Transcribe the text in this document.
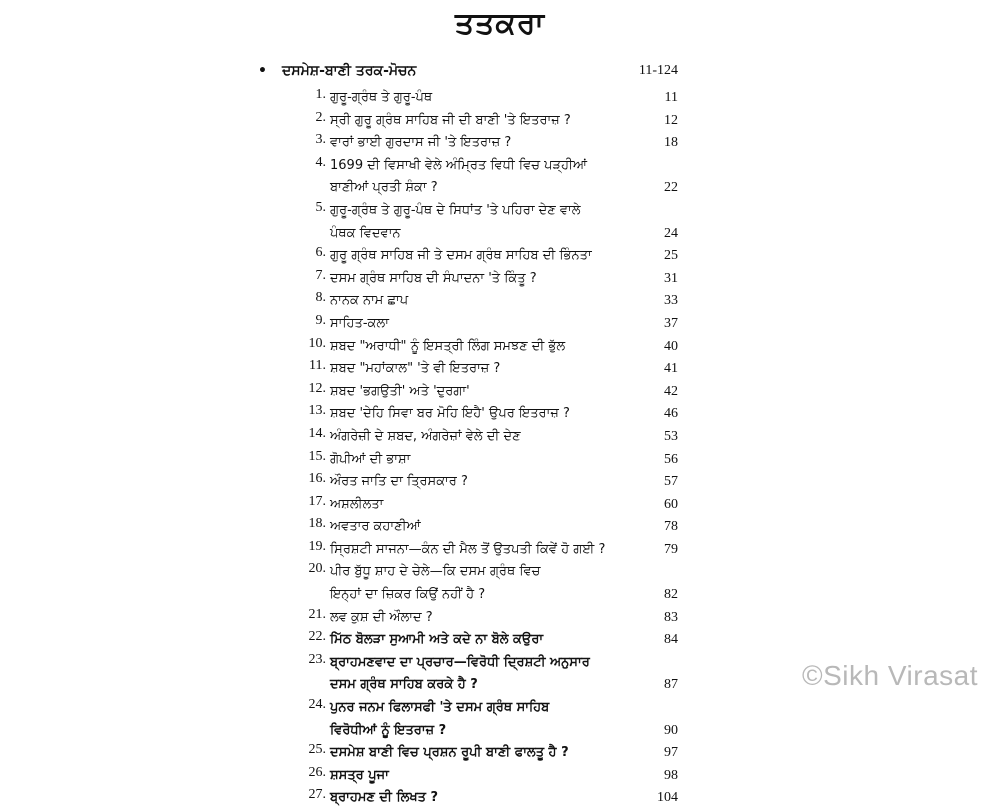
ਤਤਕਰਾ
• ਦਸਮੇਸ਼-ਬਾਣੀ ਤਰਕ-ਮੋਚਨ	11-124
1. ਗੁਰੂ-ਗ੍ਰੰਥ ਤੇ ਗੁਰੂ-ਪੰਥ	11
2. ਸ੍ਰੀ ਗੁਰੂ ਗ੍ਰੰਥ ਸਾਹਿਬ ਜੀ ਦੀ ਬਾਣੀ 'ਤੇ ਇਤਰਾਜ਼ ?	12
3. ਵਾਰਾਂ ਭਾਈ ਗੁਰਦਾਸ ਜੀ 'ਤੇ ਇਤਰਾਜ਼ ?	18
4. 1699 ਦੀ ਵਿਸਾਖੀ ਵੇਲੇ ਅੰਮ੍ਰਿਤ ਵਿਧੀ ਵਿਚ ਪੜ੍ਹੀਆਂ
ਬਾਣੀਆਂ ਪ੍ਰਤੀ ਸ਼ੰਕਾ ?	22
5. ਗੁਰੂ-ਗ੍ਰੰਥ ਤੇ ਗੁਰੂ-ਪੰਥ ਦੇ ਸਿਧਾਂਤ 'ਤੇ ਪਹਿਰਾ ਦੇਣ ਵਾਲੇ
ਪੰਥਕ ਵਿਦਵਾਨ	24
6. ਗੁਰੂ ਗ੍ਰੰਥ ਸਾਹਿਬ ਜੀ ਤੇ ਦਸਮ ਗ੍ਰੰਥ ਸਾਹਿਬ ਦੀ ਭਿੰਨਤਾ	25
7. ਦਸਮ ਗ੍ਰੰਥ ਸਾਹਿਬ ਦੀ ਸੰਪਾਦਨਾ 'ਤੇ ਕਿੰਤੂ ?	31
8. ਨਾਨਕ ਨਾਮ ਛਾਪ	33
9. ਸਾਹਿਤ-ਕਲਾ	37
10. ਸ਼ਬਦ "ਅਰਾਧੀ" ਨੂੰ ਇਸਤ੍ਰੀ ਲਿੰਗ ਸਮਝਣ ਦੀ ਭੁੱਲ	40
11. ਸ਼ਬਦ "ਮਹਾਂਕਾਲ" 'ਤੇ ਵੀ ਇਤਰਾਜ਼ ?	41
12. ਸ਼ਬਦ 'ਭਗਉਤੀ' ਅਤੇ 'ਦੁਰਗਾ'	42
13. ਸ਼ਬਦ 'ਦੇਹਿ ਸਿਵਾ ਬਰ ਮੋਹਿ ਇਹੈ' ਉਪਰ ਇਤਰਾਜ਼ ?	46
14. ਅੰਗਰੇਜ਼ੀ ਦੇ ਸ਼ਬਦ, ਅੰਗਰੇਜ਼ਾਂ ਵੇਲੇ ਦੀ ਦੇਣ	53
15. ਗੋਪੀਆਂ ਦੀ ਭਾਸ਼ਾ	56
16. ਔਰਤ ਜਾਤਿ ਦਾ ਤ੍ਰਿਸਕਾਰ ?	57
17. ਅਸ਼ਲੀਲਤਾ	60
18. ਅਵਤਾਰ ਕਹਾਣੀਆਂ	78
19. ਸ੍ਰਿਸ਼ਟੀ ਸਾਜਨਾ—ਕੰਨ ਦੀ ਮੈਲ ਤੋਂ ਉਤਪਤੀ ਕਿਵੇਂ ਹੋ ਗਈ ?	79
20. ਪੀਰ ਬੁੱਧੂ ਸ਼ਾਹ ਦੇ ਚੇਲੇ—ਕਿ ਦਸਮ ਗ੍ਰੰਥ ਵਿਚ
ਇਨ੍ਹਾਂ ਦਾ ਜ਼ਿਕਰ ਕਿਉਂ ਨਹੀਂ ਹੈ ?	82
21. ਲਵ ਕੁਸ਼ ਦੀ ਔਲਾਦ ?	83
22. ਮਿੱਠ ਬੋਲੜਾ ਸੁਆਮੀ ਅਤੇ ਕਦੇ ਨਾ ਬੋਲੇ ਕਉਰਾ	84
23. ਬ੍ਰਾਹਮਣਵਾਦ ਦਾ ਪ੍ਰਚਾਰ—ਵਿਰੋਧੀ ਦ੍ਰਿਸ਼ਟੀ ਅਨੁਸਾਰ
ਦਸਮ ਗ੍ਰੰਥ ਸਾਹਿਬ ਕਰਕੇ ਹੈ ?	87
24. ਪੁਨਰ ਜਨਮ ਫਿਲਾਸਫੀ 'ਤੇ ਦਸਮ ਗ੍ਰੰਥ ਸਾਹਿਬ
ਵਿਰੋਧੀਆਂ ਨੂੰ ਇਤਰਾਜ਼ ?	90
25. ਦਸਮੇਸ਼ ਬਾਣੀ ਵਿਚ ਪ੍ਰਸ਼ਨ ਰੂਪੀ ਬਾਣੀ ਫਾਲਤੂ ਹੈ ?	97
26. ਸ਼ਸਤ੍ਰ ਪੂਜਾ	98
27. ਬ੍ਰਾਹਮਣ ਦੀ ਲਿਖਤ ?	104
©Sikh Virasat
